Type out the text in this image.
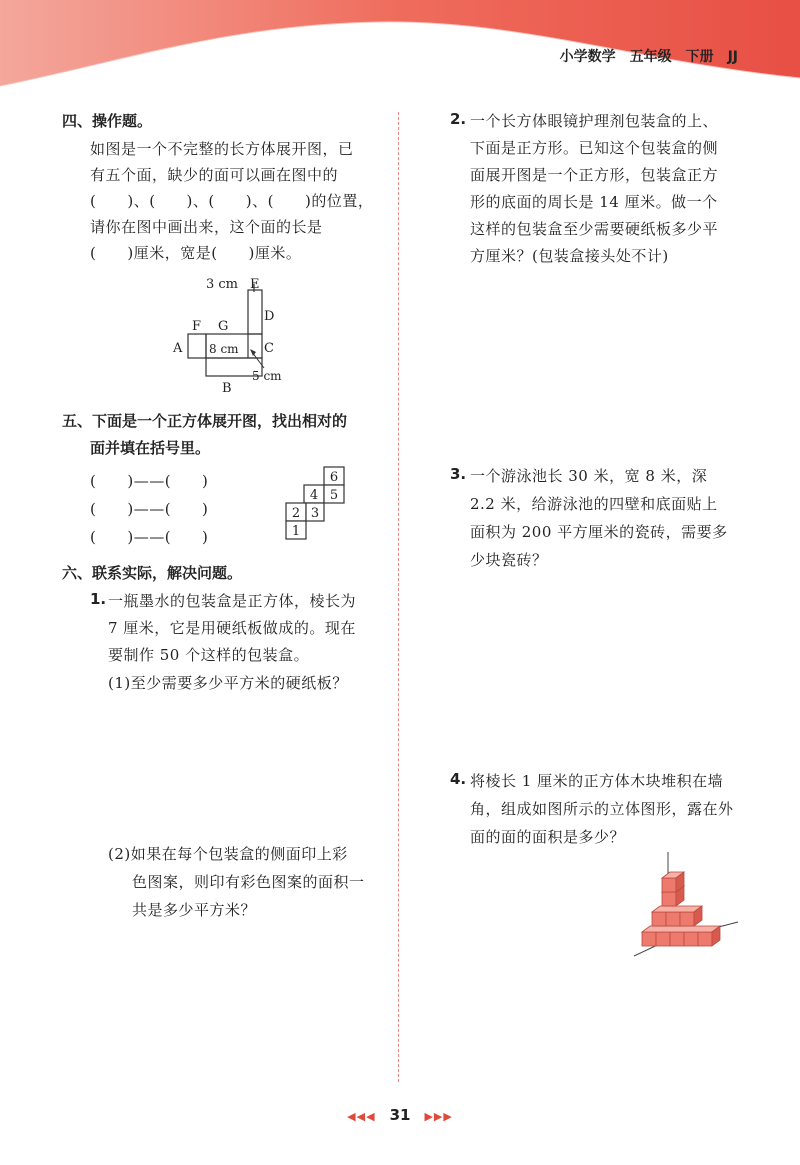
小学数学 五年级 下册 JJ
四、操作题。
如图是一个不完整的长方体展开图，已
有五个面，缺少的面可以画在图中的
(　　)、(　　)、(　　)、(　　)的位置，
请你在图中画出来，这个面的长是
(　　)厘米，宽是(　　)厘米。
3 cm E
D
F G
A 8 cm C
5 cm
B
五、下面是一个正方体展开图，找出相对的
面并填在括号里。
(　　)——(　　)
(　　)——(　　)
(　　)——(　　)
6
4 5
2 3
1
六、联系实际，解决问题。
1. 一瓶墨水的包装盒是正方体，棱长为
7 厘米，它是用硬纸板做成的。现在
要制作 50 个这样的包装盒。
(1)至少需要多少平方米的硬纸板？
(2)如果在每个包装盒的侧面印上彩
色图案，则印有彩色图案的面积一
共是多少平方米？
2. 一个长方体眼镜护理剂包装盒的上、
下面是正方形。已知这个包装盒的侧
面展开图是一个正方形，包装盒正方
形的底面的周长是 14 厘米。做一个
这样的包装盒至少需要硬纸板多少平
方厘米？(包装盒接头处不计)
3. 一个游泳池长 30 米，宽 8 米，深
2.2 米，给游泳池的四壁和底面贴上
面积为 200 平方厘米的瓷砖，需要多
少块瓷砖？
4. 将棱长 1 厘米的正方体木块堆积在墙
角，组成如图所示的立体图形，露在外
面的面的面积是多少？
◀◀◀ 31 ▶▶▶
